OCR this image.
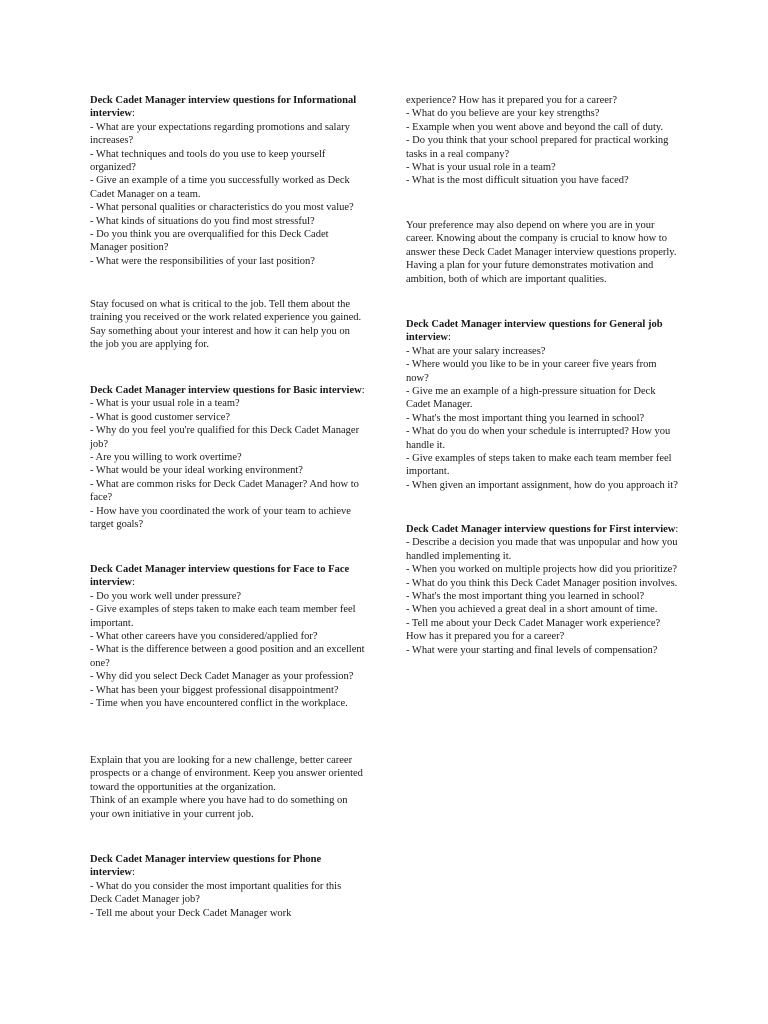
Deck Cadet Manager interview questions for Informational interview:
- What are your expectations regarding promotions and salary increases?
- What techniques and tools do you use to keep yourself organized?
- Give an example of a time you successfully worked as Deck Cadet Manager on a team.
- What personal qualities or characteristics do you most value?
- What kinds of situations do you find most stressful?
- Do you think you are overqualified for this Deck Cadet Manager position?
- What were the responsibilities of your last position?
Stay focused on what is critical to the job. Tell them about the training you received or the work related experience you gained.
Say something about your interest and how it can help you on the job you are applying for.
Deck Cadet Manager interview questions for Basic interview:
- What is your usual role in a team?
- What is good customer service?
- Why do you feel you're qualified for this Deck Cadet Manager job?
- Are you willing to work overtime?
- What would be your ideal working environment?
- What are common risks for Deck Cadet Manager? And how to face?
- How have you coordinated the work of your team to achieve target goals?
Deck Cadet Manager interview questions for Face to Face interview:
- Do you work well under pressure?
- Give examples of steps taken to make each team member feel important.
- What other careers have you considered/applied for?
- What is the difference between a good position and an excellent one?
- Why did you select Deck Cadet Manager as your profession?
- What has been your biggest professional disappointment?
- Time when you have encountered conflict in the workplace.
Explain that you are looking for a new challenge, better career prospects or a change of environment. Keep you answer oriented toward the opportunities at the organization.
Think of an example where you have had to do something on your own initiative in your current job.
Deck Cadet Manager interview questions for Phone interview:
- What do you consider the most important qualities for this Deck Cadet Manager job?
- Tell me about your Deck Cadet Manager work
experience? How has it prepared you for a career?
- What do you believe are your key strengths?
- Example when you went above and beyond the call of duty.
- Do you think that your school prepared for practical working tasks in a real company?
- What is your usual role in a team?
- What is the most difficult situation you have faced?
Your preference may also depend on where you are in your career. Knowing about the company is crucial to know how to answer these Deck Cadet Manager interview questions properly.
Having a plan for your future demonstrates motivation and ambition, both of which are important qualities.
Deck Cadet Manager interview questions for General job interview:
- What are your salary increases?
- Where would you like to be in your career five years from now?
- Give me an example of a high-pressure situation for Deck Cadet Manager.
- What's the most important thing you learned in school?
- What do you do when your schedule is interrupted? How you handle it.
- Give examples of steps taken to make each team member feel important.
- When given an important assignment, how do you approach it?
Deck Cadet Manager interview questions for First interview:
- Describe a decision you made that was unpopular and how you handled implementing it.
- When you worked on multiple projects how did you prioritize?
- What do you think this Deck Cadet Manager position involves.
- What's the most important thing you learned in school?
- When you achieved a great deal in a short amount of time.
- Tell me about your Deck Cadet Manager work experience? How has it prepared you for a career?
- What were your starting and final levels of compensation?
